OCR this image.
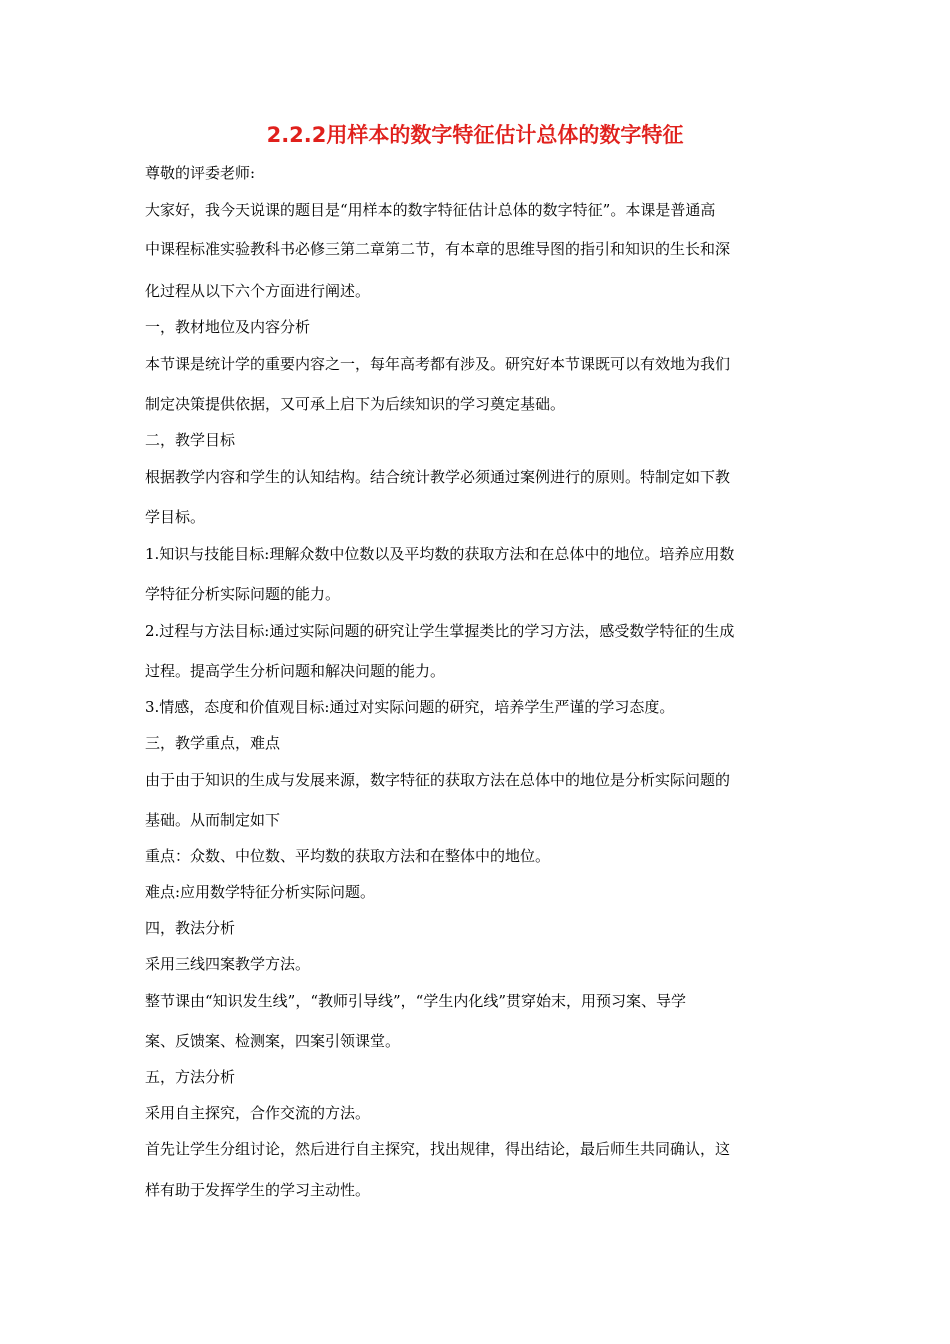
2.2.2用样本的数字特征估计总体的数字特征
尊敬的评委老师:
大家好，我今天说课的题目是“用样本的数字特征估计总体的数字特征”。本课是普通高
中课程标准实验教科书必修三第二章第二节，有本章的思维导图的指引和知识的生长和深
化过程从以下六个方面进行阐述。
一，教材地位及内容分析
本节课是统计学的重要内容之一，每年高考都有涉及。研究好本节课既可以有效地为我们
制定决策提供依据，又可承上启下为后续知识的学习奠定基础。
二，教学目标
根据教学内容和学生的认知结构。结合统计教学必须通过案例进行的原则。特制定如下教
学目标。
1.知识与技能目标:理解众数中位数以及平均数的获取方法和在总体中的地位。培养应用数
学特征分析实际问题的能力。
2.过程与方法目标:通过实际问题的研究让学生掌握类比的学习方法，感受数学特征的生成
过程。提高学生分析问题和解决问题的能力。
3.情感，态度和价值观目标:通过对实际问题的研究，培养学生严谨的学习态度。
三，教学重点，难点
由于由于知识的生成与发展来源，数字特征的获取方法在总体中的地位是分析实际问题的
基础。从而制定如下
重点：众数、中位数、平均数的获取方法和在整体中的地位。
难点:应用数学特征分析实际问题。
四，教法分析
采用三线四案教学方法。
整节课由“知识发生线”，“教师引导线”，“学生内化线”贯穿始末，用预习案、导学
案、反馈案、检测案，四案引领课堂。
五，方法分析
采用自主探究，合作交流的方法。
首先让学生分组讨论，然后进行自主探究，找出规律，得出结论，最后师生共同确认，这
样有助于发挥学生的学习主动性。
